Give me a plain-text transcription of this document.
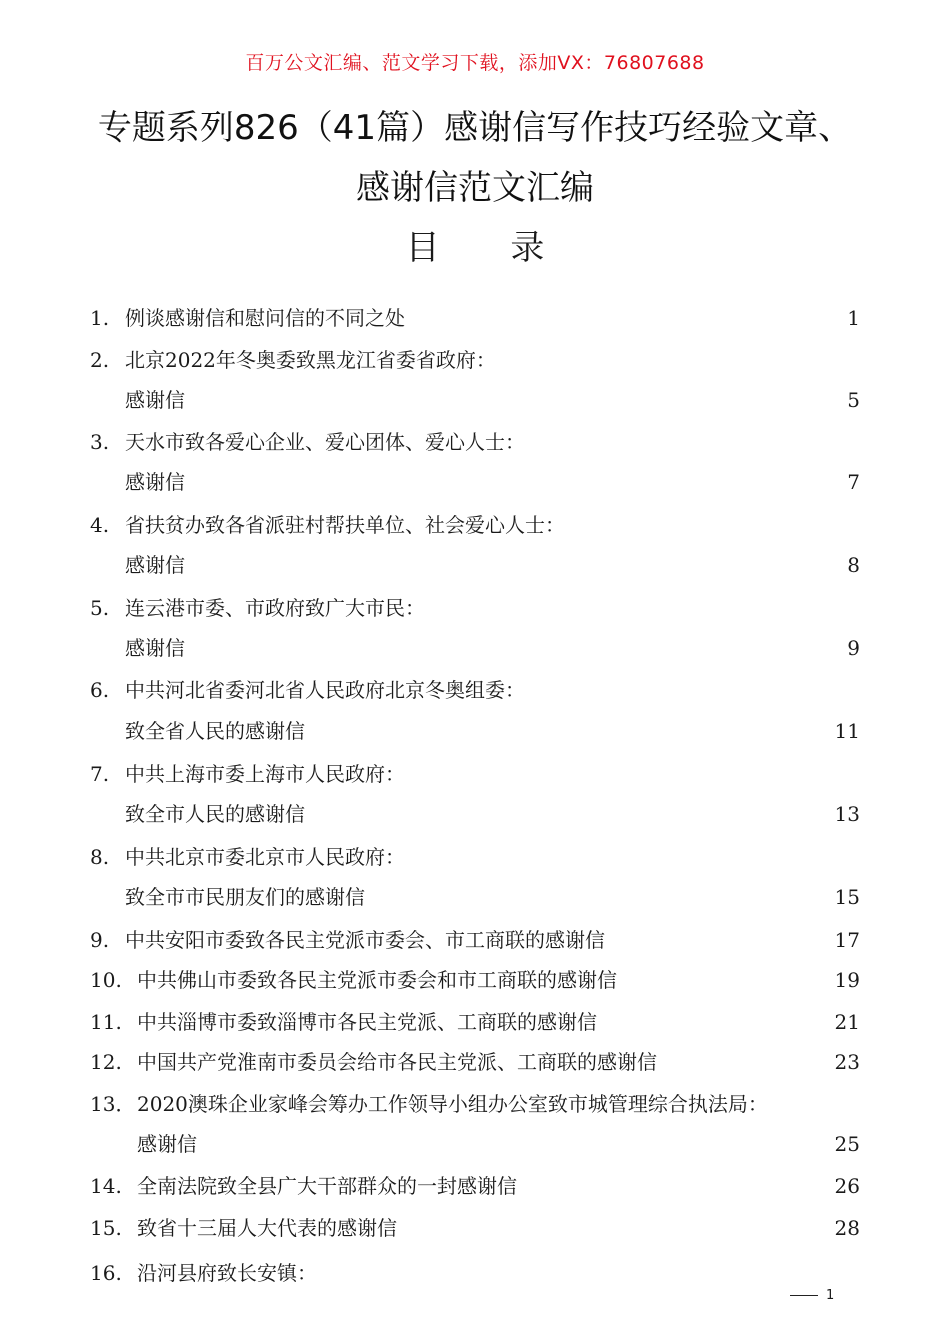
百万公文汇编、范文学习下载，添加VX：76807688
专题系列826（41篇）感谢信写作技巧经验文章、
感谢信范文汇编
目 录
1. 例谈感谢信和慰问信的不同之处	1
2. 北京2022年冬奥委致黑龙江省委省政府：
感谢信	5
3. 天水市致各爱心企业、爱心团体、爱心人士：
感谢信	7
4. 省扶贫办致各省派驻村帮扶单位、社会爱心人士：
感谢信	8
5. 连云港市委、市政府致广大市民：
感谢信	9
6. 中共河北省委河北省人民政府北京冬奥组委：
致全省人民的感谢信	11
7. 中共上海市委上海市人民政府：
致全市人民的感谢信	13
8. 中共北京市委北京市人民政府：
致全市市民朋友们的感谢信	15
9. 中共安阳市委致各民主党派市委会、市工商联的感谢信	17
10. 中共佛山市委致各民主党派市委会和市工商联的感谢信	19
11. 中共淄博市委致淄博市各民主党派、工商联的感谢信	21
12. 中国共产党淮南市委员会给市各民主党派、工商联的感谢信	23
13． 2020澳珠企业家峰会筹办工作领导小组办公室致市城管理综合执法局：
感谢信	25
14. 全南法院致全县广大干部群众的一封感谢信	26
15. 致省十三届人大代表的感谢信	28
16. 沿河县府致长安镇：
1
